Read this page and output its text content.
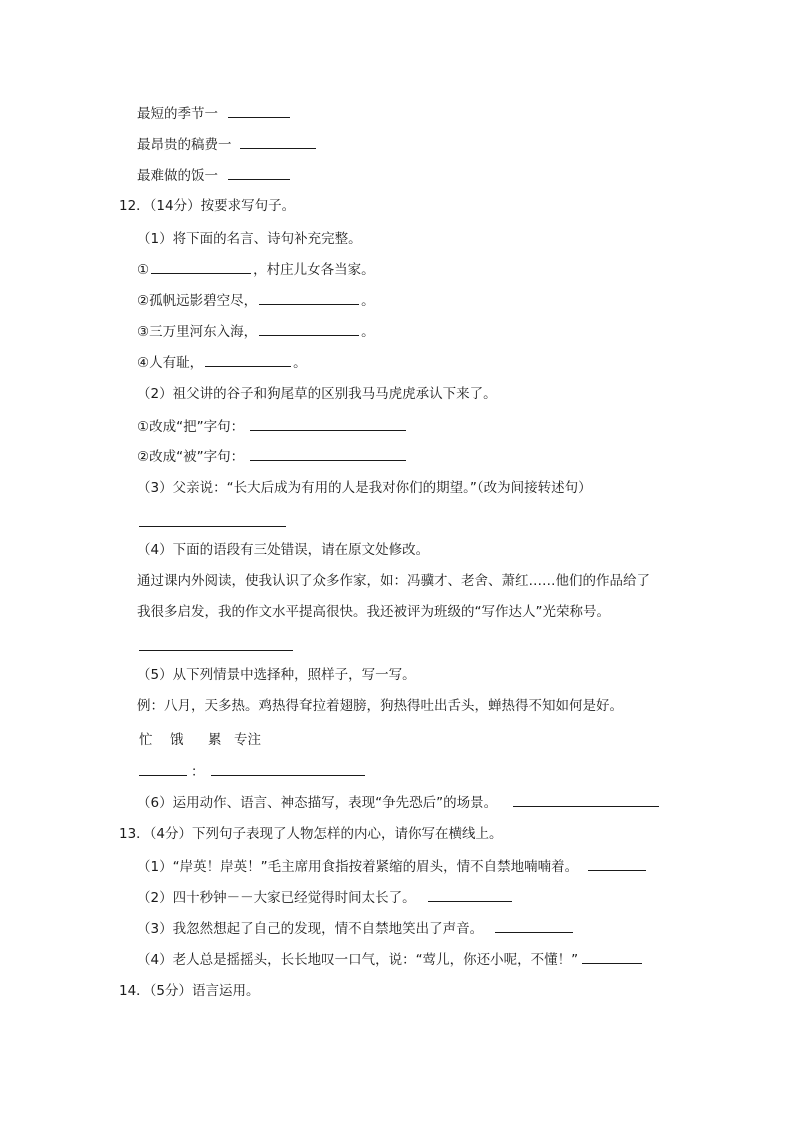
最短的季节一
最昂贵的稿费一
最难做的饭一
12．（14分）按要求写句子。
（1）将下面的名言、诗句补充完整。
①	，村庄儿女各当家。
②孤帆远影碧空尽，	。
③三万里河东入海，	。
④人有耻，	。
（2）祖父讲的谷子和狗尾草的区别我马马虎虎承认下来了。
①改成“把”字句：
②改成“被”字句：
（3）父亲说：“长大后成为有用的人是我对你们的期望。”（改为间接转述句）
（4）下面的语段有三处错误，请在原文处修改。
通过课内外阅读，使我认识了众多作家，如：冯骥才、老舍、萧红……他们的作品给了
我很多启发，我的作文水平提高很快。我还被评为班级的“写作达人”光荣称号。
（5）从下列情景中选择种，照样子，写一写。
例：八月，天多热。鸡热得耷拉着翅膀，狗热得吐出舌头，蝉热得不知如何是好。
忙 饿 累 专注
：
（6）运用动作、语言、神态描写，表现“争先恐后”的场景。
13．（4分）下列句子表现了人物怎样的内心，请你写在横线上。
（1）“岸英！岸英！”毛主席用食指按着紧缩的眉头，情不自禁地喃喃着。
（2）四十秒钟－－大家已经觉得时间太长了。
（3）我忽然想起了自己的发现，情不自禁地笑出了声音。
（4）老人总是摇摇头，长长地叹一口气，说：“莺儿，你还小呢，不懂！”
14．（5分）语言运用。
